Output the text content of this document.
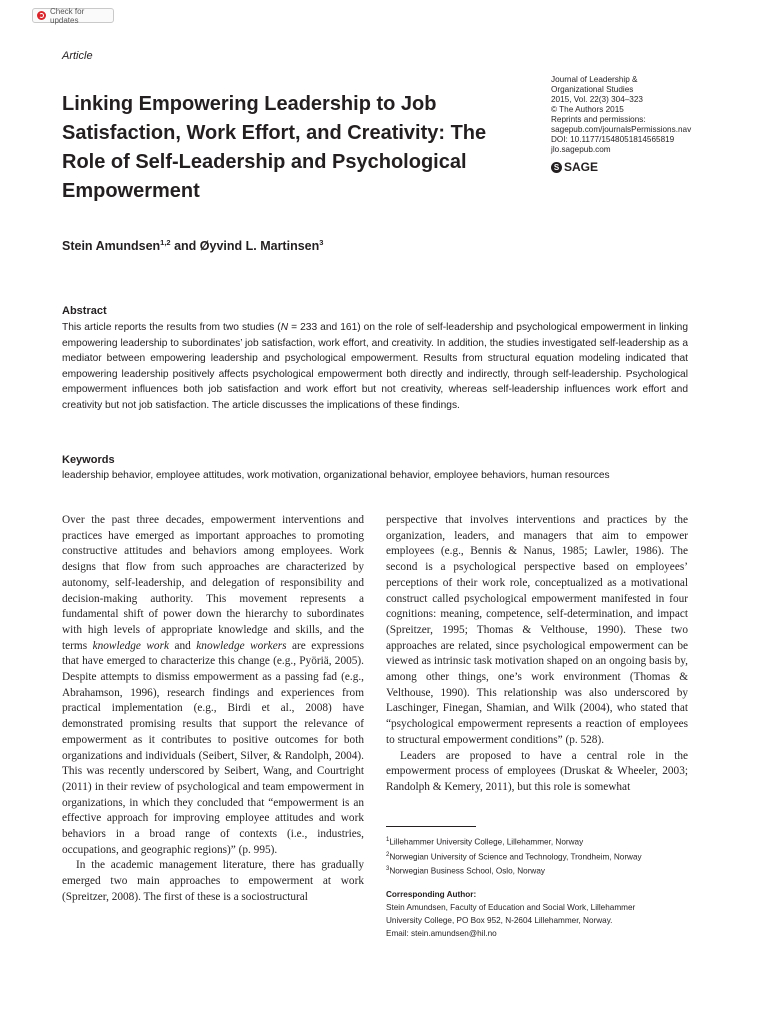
Check for updates
Article
Linking Empowering Leadership to Job Satisfaction, Work Effort, and Creativity: The Role of Self-Leadership and Psychological Empowerment
Journal of Leadership &
Organizational Studies
2015, Vol. 22(3) 304–323
© The Authors 2015
Reprints and permissions:
sagepub.com/journalsPermissions.nav
DOI: 10.1177/1548051814565819
jlo.sagepub.com
S SAGE

Stein Amundsen$^{1,2}$ and Øyvind L. Martinsen$^3$

Abstract

This article reports the results from two studies (N = 233 and 161) on the role of self-leadership and psychological empowerment in linking empowering leadership to subordinates’ job satisfaction, work effort, and creativity. In addition, the studies investigated self-leadership as a mediator between empowering leadership and psychological empowerment. Results from structural equation modeling indicated that empowering leadership positively affects psychological empowerment both directly and indirectly, through self-leadership. Psychological empowerment influences both job satisfaction and work effort but not creativity, whereas self-leadership influences work effort and creativity but not job satisfaction. The article discusses the implications of these findings.

Keywords

leadership behavior, employee attitudes, work motivation, organizational behavior, employee behaviors, human resources

Over the past three decades, empowerment interventions and practices have emerged as important approaches to promoting constructive attitudes and behaviors among employees. Work designs that flow from such approaches are characterized by autonomy, self-leadership, and delegation of responsibility and decision-making authority. This movement represents a fundamental shift of power down the hierarchy to subordinates with high levels of appropriate knowledge and skills, and the terms knowledge work and knowledge workers are expressions that have emerged to characterize this change (e.g., Pyöriä, 2005). Despite attempts to dismiss empowerment as a passing fad (e.g., Abrahamson, 1996), research findings and experiences from practical implementation (e.g., Birdi et al., 2008) have demonstrated promising results that support the relevance of empowerment as it contributes to positive outcomes for both organizations and individuals (Seibert, Silver, & Randolph, 2004). This was recently underscored by Seibert, Wang, and Courtright (2011) in their review of psychological and team empowerment in organizations, in which they concluded that “empowerment is an effective approach for improving employee attitudes and work behaviors in a broad range of contexts (i.e., industries, occupations, and geographic regions)” (p. 995).

In the academic management literature, there has gradually emerged two main approaches to empowerment at work (Spreitzer, 2008). The first of these is a sociostructural

perspective that involves interventions and practices by the organization, leaders, and managers that aim to empower employees (e.g., Bennis & Nanus, 1985; Lawler, 1986). The second is a psychological perspective based on employees’ perceptions of their work role, conceptualized as a motivational construct called psychological empowerment manifested in four cognitions: meaning, competence, self-determination, and impact (Spreitzer, 1995; Thomas & Velthouse, 1990). These two approaches are related, since psychological empowerment can be viewed as intrinsic task motivation shaped on an ongoing basis by, among other things, one’s work environment (Thomas & Velthouse, 1990). This relationship was also underscored by Laschinger, Finegan, Shamian, and Wilk (2004), who stated that “psychological empowerment represents a reaction of employees to structural empowerment conditions” (p. 528).

Leaders are proposed to have a central role in the empowerment process of employees (Druskat & Wheeler, 2003; Randolph & Kemery, 2011), but this role is somewhat

$^1$Lillehammer University College, Lillehammer, Norway
$^2$Norwegian University of Science and Technology, Trondheim, Norway
$^3$Norwegian Business School, Oslo, Norway
Corresponding Author:
Stein Amundsen, Faculty of Education and Social Work, Lillehammer
University College, PO Box 952, N-2604 Lillehammer, Norway.
Email: stein.amundsen@hil.no
